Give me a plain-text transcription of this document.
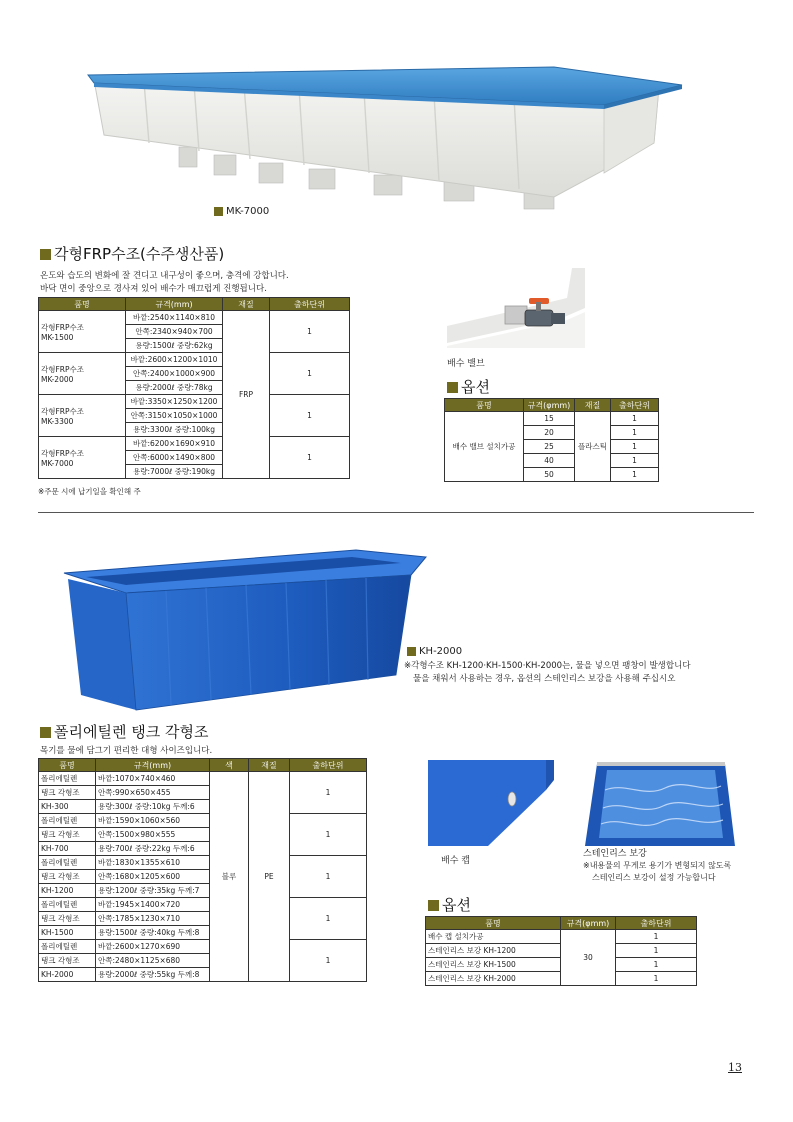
MK-7000
각형FRP수조(수주생산품)
온도와 습도의 변화에 잘 견디고 내구성이 좋으며, 충격에 강합니다.
바닥 면이 중앙으로 경사져 있어 배수가 매끄럽게 진행됩니다.
품명	규격(mm)	재질	출하단위

각형FRP수조
MK-1500	바깥:2540×1140×810	FRP	1
	안쪽:2340×940×700		
	용량:1500ℓ 중량:62kg		

각형FRP수조
MK-2000	바깥:2600×1200×1010		1
	안쪽:2400×1000×900		
	용량:2000ℓ 중량:78kg		

각형FRP수조
MK-3300	바깥:3350×1250×1200		1
	안쪽:3150×1050×1000		
	용량:3300ℓ 중량:100kg		

각형FRP수조
MK-7000	바깥:6200×1690×910		1
	안쪽:6000×1490×800		
	용량:7000ℓ 중량:190kg		
※주문 시에 납기일을 확인해 주
배수 밸브
옵션
품명	규격(φmm)	재질	출하단위
배수 밸브 설치가공	15	플라스틱	1
	20		1
	25		1
	40		1
	50		1
KH-2000
※각형수조 KH-1200·KH-1500·KH-2000는, 물을 넣으면 팽창이 발생합니다
물을 채워서 사용하는 경우, 옵션의 스테인리스 보강을 사용해 주십시오
폴리에틸렌 탱크 각형조
목기를 물에 담그기 편리한 대형 사이즈입니다.
품명	규격(mm)	색	재질	출하단위
폴리에틸렌	바깥:1070×740×460	블루	PE	1
탱크 각형조	안쪽:990×650×455			
KH-300	용량:300ℓ 중량:10kg 두께:6			
폴리에틸렌	바깥:1590×1060×560			1
탱크 각형조	안쪽:1500×980×555			
KH-700	용량:700ℓ 중량:22kg 두께:6			
폴리에틸렌	바깥:1830×1355×610			1
탱크 각형조	안쪽:1680×1205×600			
KH-1200	용량:1200ℓ 중량:35kg 두께:7			
폴리에틸렌	바깥:1945×1400×720			1
탱크 각형조	안쪽:1785×1230×710			
KH-1500	용량:1500ℓ 중량:40kg 두께:8			
폴리에틸렌	바깥:2600×1270×690			1
탱크 각형조	안쪽:2480×1125×680			
KH-2000	용량:2000ℓ 중량:55kg 두께:8			
배수 캡
스테인리스 보강
※내용물의 무게로 용기가 변형되지 않도록
스테인리스 보강이 설정 가능합니다
옵션
품명	규격(φmm)	출하단위
배수 캡 설치가공	30	1
스테인리스 보강 KH-1200		1
스테인리스 보강 KH-1500		1
스테인리스 보강 KH-2000		1
13
